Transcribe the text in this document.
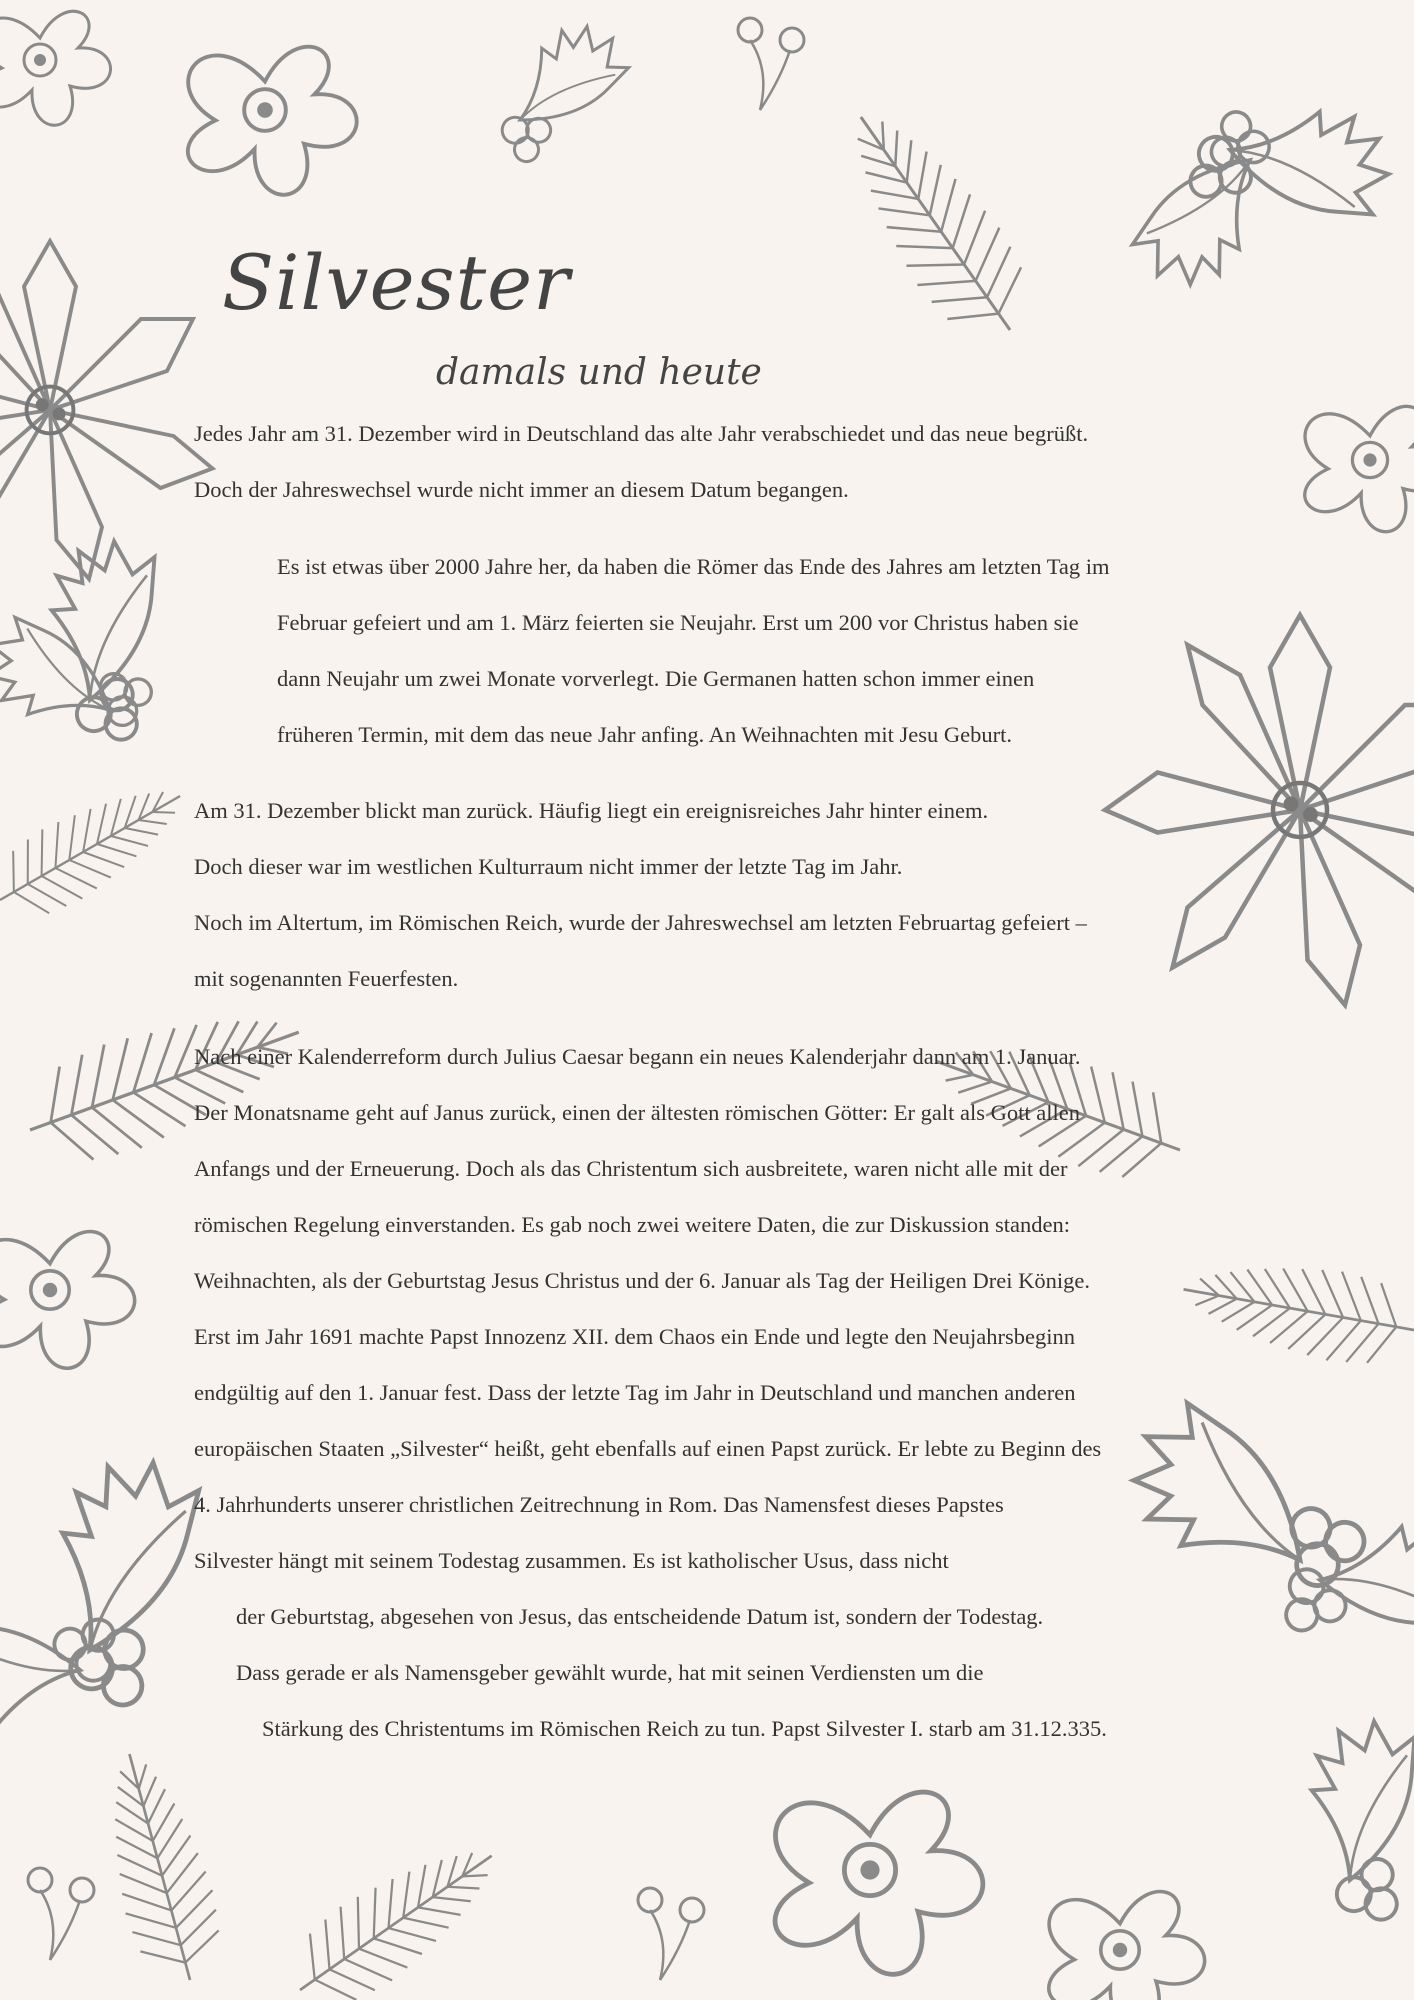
Silvester
damals und heute
Jedes Jahr am 31. Dezember wird in Deutschland das alte Jahr verabschiedet und das neue begrüßt.
Doch der Jahreswechsel wurde nicht immer an diesem Datum begangen.
Es ist etwas über 2000 Jahre her, da haben die Römer das Ende des Jahres am letzten Tag im
Februar gefeiert und am 1. März feierten sie Neujahr. Erst um 200 vor Christus haben sie
dann Neujahr um zwei Monate vorverlegt. Die Germanen hatten schon immer einen
früheren Termin, mit dem das neue Jahr anfing. An Weihnachten mit Jesu Geburt.
Am 31. Dezember blickt man zurück. Häufig liegt ein ereignisreiches Jahr hinter einem.
Doch dieser war im westlichen Kulturraum nicht immer der letzte Tag im Jahr.
Noch im Altertum, im Römischen Reich, wurde der Jahreswechsel am letzten Februartag gefeiert –
mit sogenannten Feuerfesten.
Nach einer Kalenderreform durch Julius Caesar begann ein neues Kalenderjahr dann am 1. Januar.
Der Monatsname geht auf Janus zurück, einen der ältesten römischen Götter: Er galt als Gott allen
Anfangs und der Erneuerung. Doch als das Christentum sich ausbreitete, waren nicht alle mit der
römischen Regelung einverstanden. Es gab noch zwei weitere Daten, die zur Diskussion standen:
Weihnachten, als der Geburtstag Jesus Christus und der 6. Januar als Tag der Heiligen Drei Könige.
Erst im Jahr 1691 machte Papst Innozenz XII. dem Chaos ein Ende und legte den Neujahrsbeginn
endgültig auf den 1. Januar fest. Dass der letzte Tag im Jahr in Deutschland und manchen anderen
europäischen Staaten „Silvester“ heißt, geht ebenfalls auf einen Papst zurück. Er lebte zu Beginn des
4. Jahrhunderts unserer christlichen Zeitrechnung in Rom. Das Namensfest dieses Papstes
Silvester hängt mit seinem Todestag zusammen. Es ist katholischer Usus, dass nicht
der Geburtstag, abgesehen von Jesus, das entscheidende Datum ist, sondern der Todestag.
Dass gerade er als Namensgeber gewählt wurde, hat mit seinen Verdiensten um die
Stärkung des Christentums im Römischen Reich zu tun. Papst Silvester I. starb am 31.12.335.
